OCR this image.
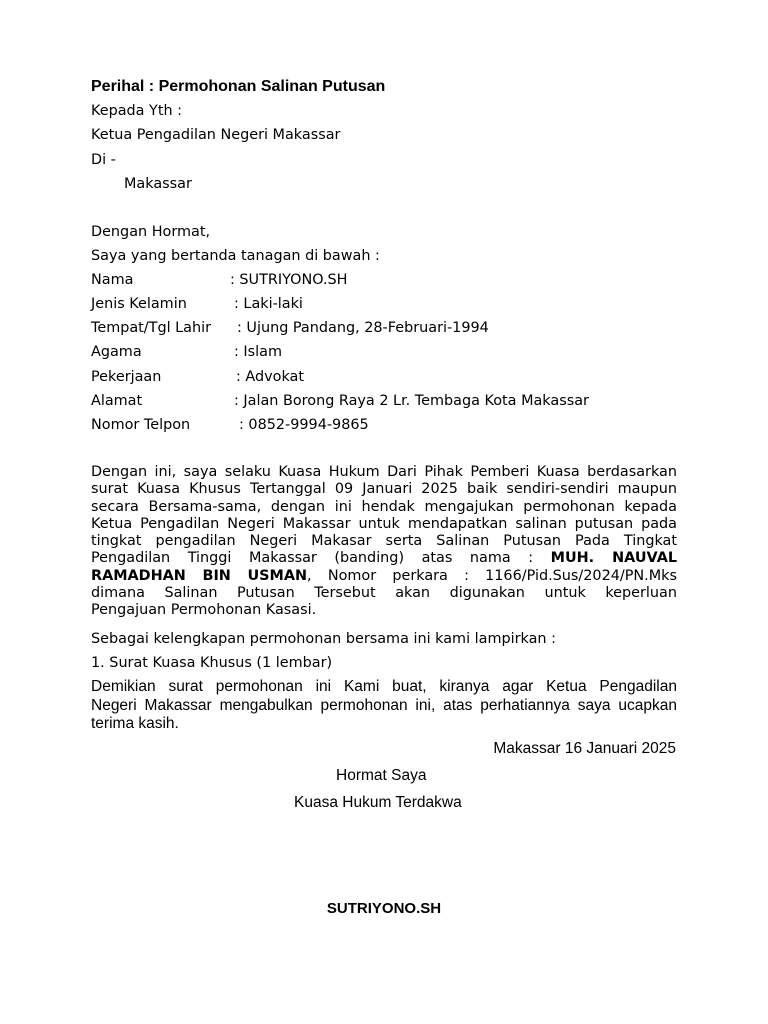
Perihal : Permohonan Salinan Putusan
Kepada Yth :
Ketua Pengadilan Negeri Makassar
Di -
Makassar
Dengan Hormat,
Saya yang bertanda tanagan di bawah :
Nama	: SUTRIYONO.SH
Jenis Kelamin	: Laki-laki
Tempat/Tgl Lahir : Ujung Pandang, 28-Februari-1994
Agama	: Islam
Pekerjaan	: Advokat
Alamat	: Jalan Borong Raya 2 Lr. Tembaga Kota Makassar
Nomor Telpon	: 0852-9994-9865
Dengan ini, saya selaku Kuasa Hukum Dari Pihak Pemberi Kuasa berdasarkan
surat Kuasa Khusus Tertanggal 09 Januari 2025 baik sendiri-sendiri maupun
secara Bersama-sama, dengan ini hendak mengajukan permohonan kepada
Ketua Pengadilan Negeri Makassar untuk mendapatkan salinan putusan pada
tingkat pengadilan Negeri Makasar serta Salinan Putusan Pada Tingkat
Pengadilan Tinggi Makassar (banding) atas nama : MUH. NAUVAL
RAMADHAN BIN USMAN, Nomor perkara : 1166/Pid.Sus/2024/PN.Mks
dimana Salinan Putusan Tersebut akan digunakan untuk keperluan
Pengajuan Permohonan Kasasi.
Sebagai kelengkapan permohonan bersama ini kami lampirkan :
1. Surat Kuasa Khusus (1 lembar)
Demikian surat permohonan ini Kami buat, kiranya agar Ketua Pengadilan
Negeri Makassar mengabulkan permohonan ini, atas perhatiannya saya ucapkan
terima kasih.
Makassar 16 Januari 2025
Hormat Saya
Kuasa Hukum Terdakwa
SUTRIYONO.SH
